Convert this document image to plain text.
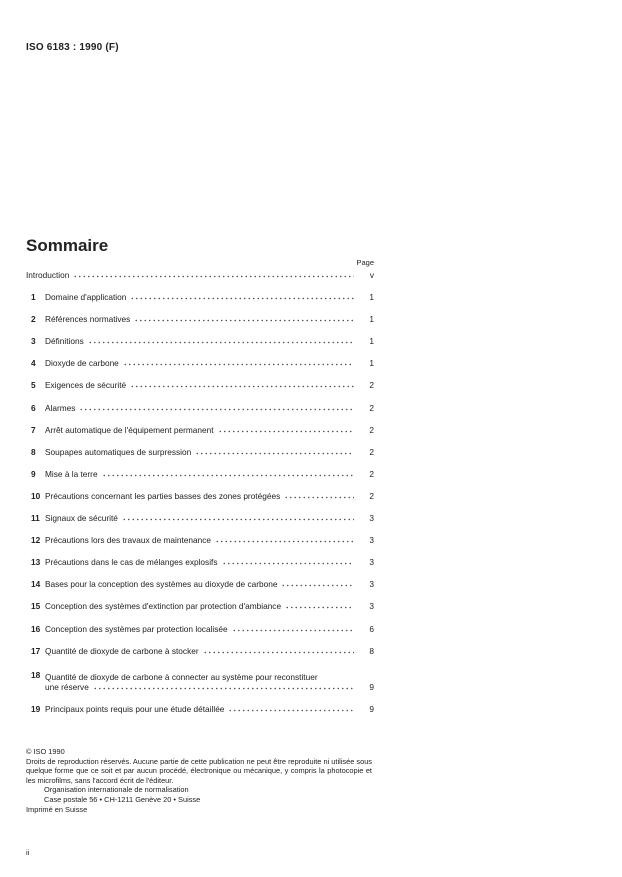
ISO 6183 : 1990 (F)
Sommaire
Page
Introduction	v
1	Domaine d'application	1
2	Références normatives	1
3	Définitions	1
4	Dioxyde de carbone	1
5	Exigences de sécurité	2
6	Alarmes	2
7	Arrêt automatique de l'équipement permanent	2
8	Soupapes automatiques de surpression	2
9	Mise à la terre	2
10 Précautions concernant les parties basses des zones protégées	2
11 Signaux de sécurité	3
12 Précautions lors des travaux de maintenance	3
13 Précautions dans le cas de mélanges explosifs	3
14 Bases pour la conception des systèmes au dioxyde de carbone	3
15 Conception des systèmes d'extinction par protection d'ambiance	3
16 Conception des systèmes par protection localisée	6
17 Quantité de dioxyde de carbone à stocker	8
18 Quantité de dioxyde de carbone à connecter au système pour reconstituer
une réserve	9
19 Principaux points requis pour une étude détaillée	9
© ISO 1990
Droits de reproduction réservés. Aucune partie de cette publication ne peut être reproduite ni utilisée sous quelque forme que ce soit et par aucun procédé, électronique ou mécanique, y compris la photocopie et les microfilms, sans l'accord écrit de l'éditeur.
Organisation internationale de normalisation
Case postale 56 • CH-1211 Genève 20 • Suisse
Imprimé en Suisse
ii
